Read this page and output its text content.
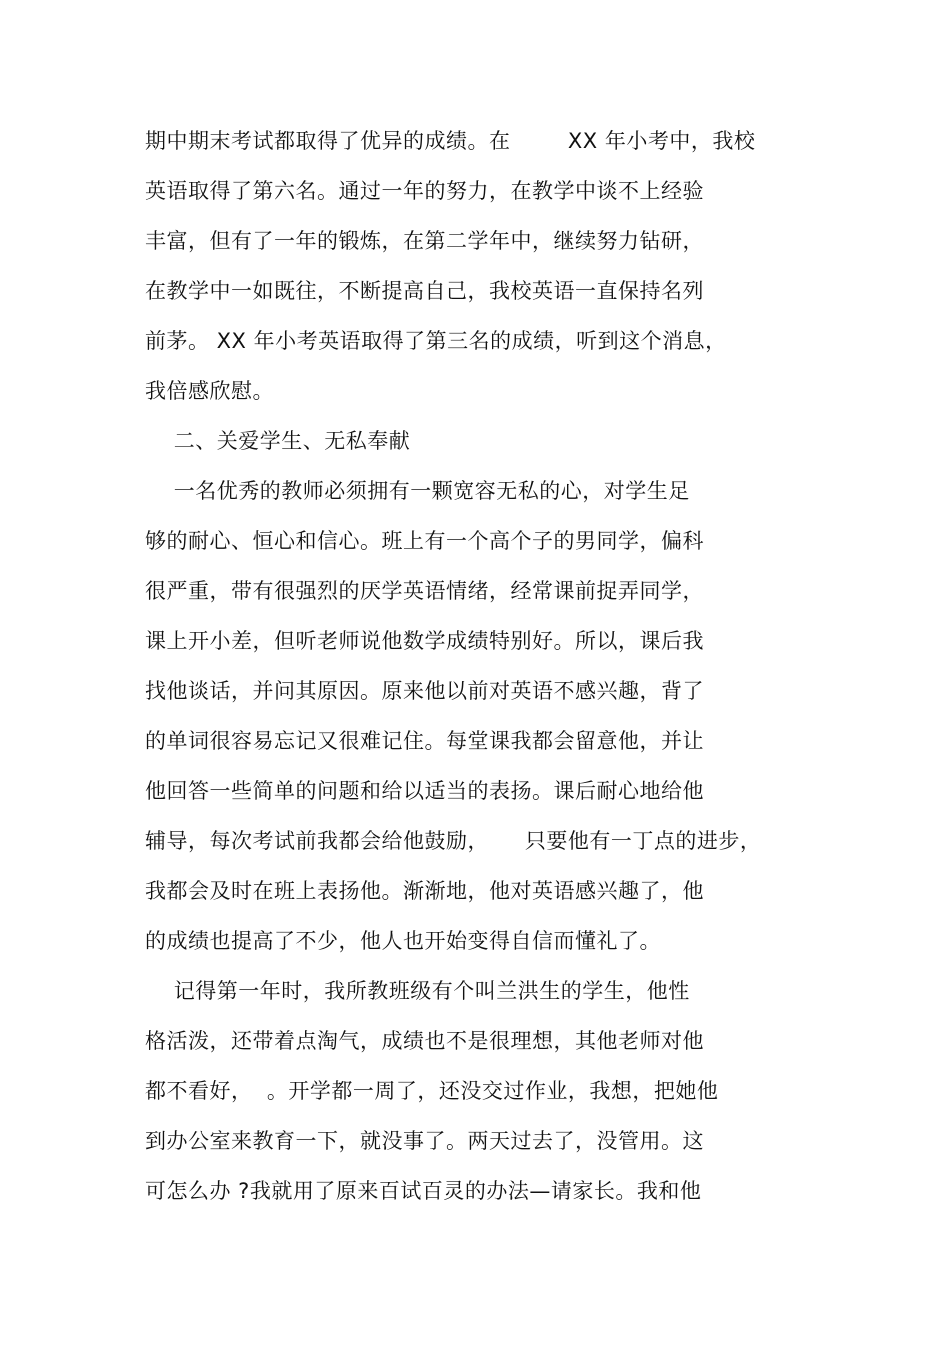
期中期末考试都取得了优异的成绩。在        XX 年小考中，我校
英语取得了第六名。通过一年的努力，在教学中谈不上经验
丰富，但有了一年的锻炼，在第二学年中，继续努力钻研，
在教学中一如既往，不断提高自己，我校英语一直保持名列
前茅。 XX 年小考英语取得了第三名的成绩，听到这个消息，
我倍感欣慰。
二、关爱学生、无私奉献
一名优秀的教师必须拥有一颗宽容无私的心，对学生足
够的耐心、恒心和信心。班上有一个高个子的男同学，偏科
很严重，带有很强烈的厌学英语情绪，经常课前捉弄同学，
课上开小差，但听老师说他数学成绩特别好。所以，课后我
找他谈话，并问其原因。原来他以前对英语不感兴趣，背了
的单词很容易忘记又很难记住。每堂课我都会留意他，并让
他回答一些简单的问题和给以适当的表扬。课后耐心地给他
辅导，每次考试前我都会给他鼓励，     只要他有一丁点的进步，
我都会及时在班上表扬他。渐渐地，他对英语感兴趣了，他
的成绩也提高了不少，他人也开始变得自信而懂礼了。
记得第一年时，我所教班级有个叫兰洪生的学生，他性
格活泼，还带着点淘气，成绩也不是很理想，其他老师对他
都不看好，  。开学都一周了，还没交过作业，我想，把她他
到办公室来教育一下，就没事了。两天过去了，没管用。这
可怎么办 ?我就用了原来百试百灵的办法—请家长。我和他
